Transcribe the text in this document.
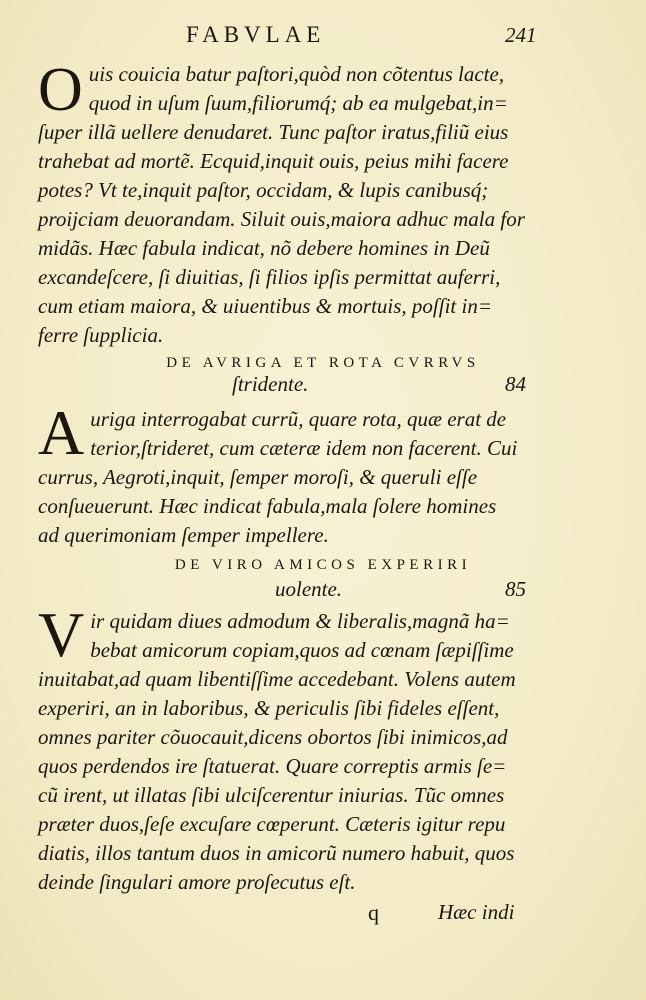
FABVLAE	241
O uis couicia batur paſtori,quòd non cõtentus lacte,
quod in uſum ſuum,filiorumq́; ab ea mulgebat,in=
ſuper illã uellere denudaret. Tunc paſtor iratus,filiũ eius
trahebat ad mortẽ. Ecquid,inquit ouis, peius mihi facere
potes? Vt te,inquit paſtor, occidam, & lupis canibusq́;
proijciam deuorandam. Siluit ouis,maiora adhuc mala for
midãs. Hæc fabula indicat, nõ debere homines in Deũ
excandeſcere, ſi diuitias, ſi filios ipſis permittat auferri,
cum etiam maiora, & uiuentibus & mortuis, poſſit in=
ferre ſupplicia.
DE AVRIGA ET ROTA CVRRVS
ſtridente.	84
A uriga interrogabat currũ, quare rota, quæ erat de
terior,ſtrideret, cum cæteræ idem non facerent. Cui
currus, Aegroti,inquit, ſemper moroſi, & queruli eſſe
conſueuerunt. Hæc indicat fabula,mala ſolere homines
ad querimoniam ſemper impellere.
DE VIRO AMICOS EXPERIRI
uolente.	85
V ir quidam diues admodum & liberalis,magnã ha=
bebat amicorum copiam,quos ad cœnam ſæpiſſime
inuitabat,ad quam libentiſſime accedebant. Volens autem
experiri, an in laboribus, & periculis ſibi fideles eſſent,
omnes pariter cõuocauit,dicens obortos ſibi inimicos,ad
quos perdendos ire ſtatuerat. Quare correptis armis ſe=
cũ irent, ut illatas ſibi ulciſcerentur iniurias. Tũc omnes
præter duos,ſeſe excuſare cœperunt. Cæteris igitur repu
diatis, illos tantum duos in amicorũ numero habuit, quos
deinde ſingulari amore proſecutus eſt.
q	Hæc indi
